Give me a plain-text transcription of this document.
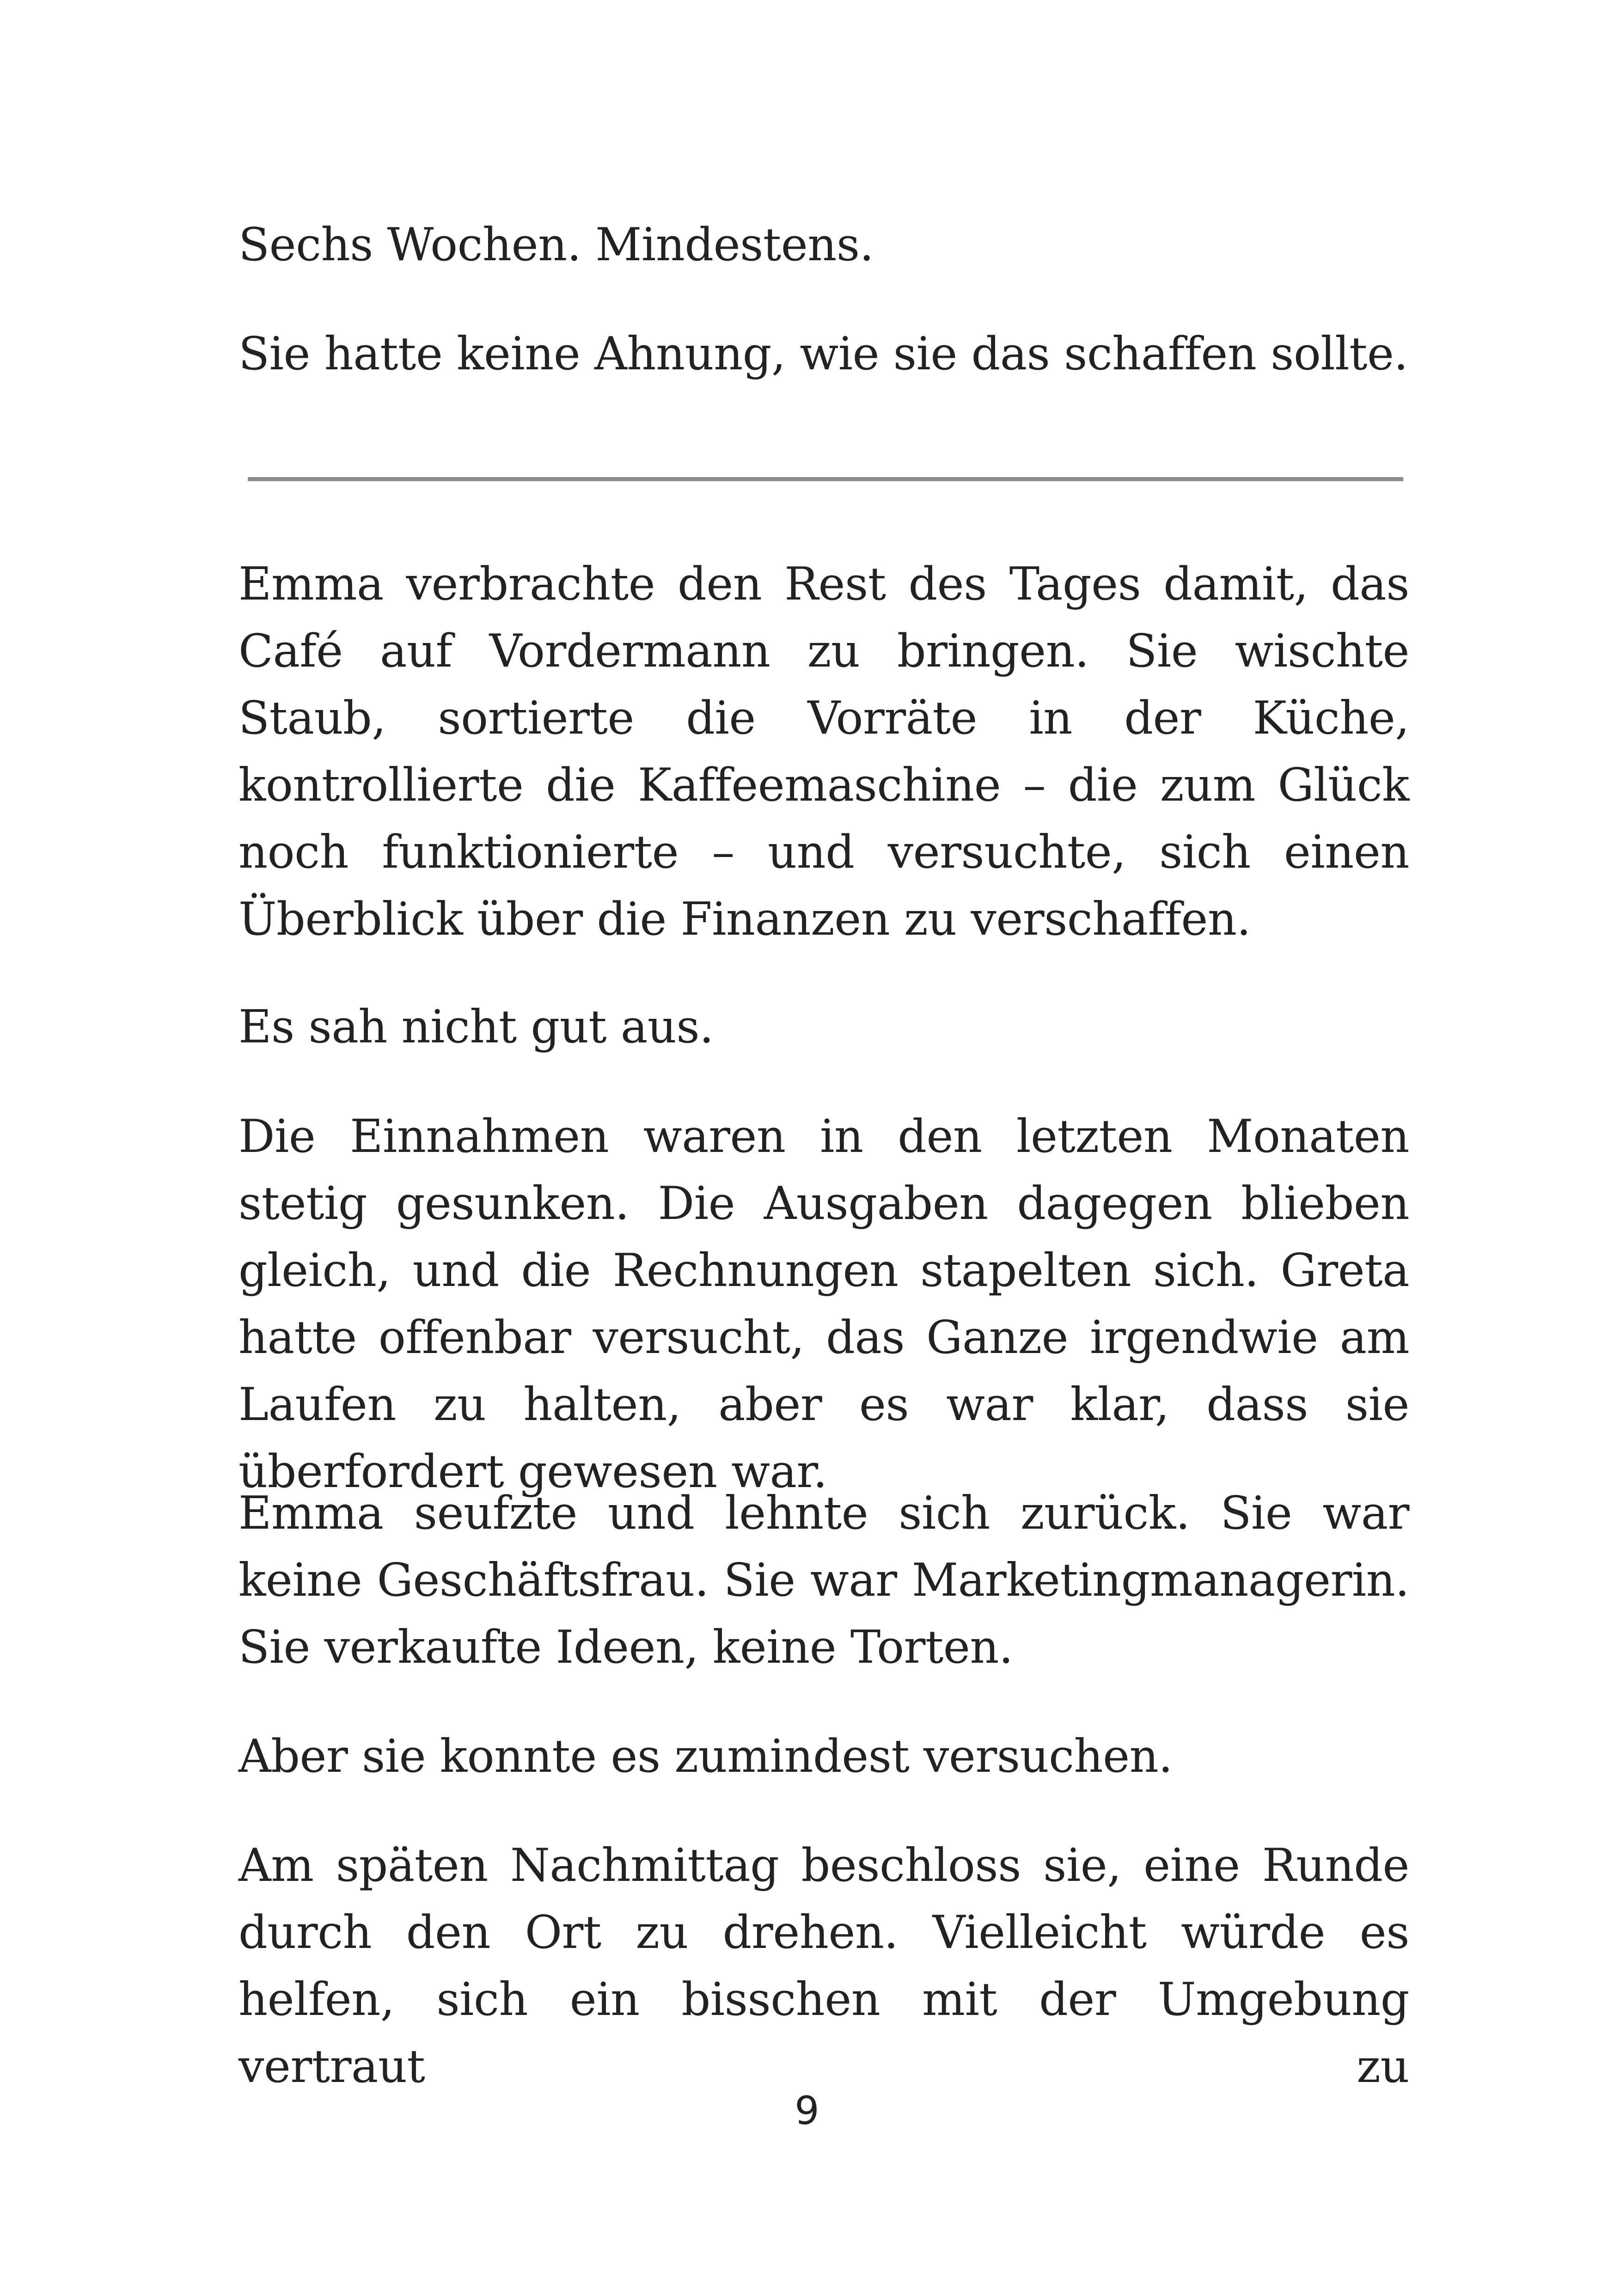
Sechs Wochen. Mindestens.

Sie hatte keine Ahnung, wie sie das schaffen sollte.

Emma verbrachte den Rest des Tages damit, das Café auf Vordermann zu bringen. Sie wischte Staub, sortierte die Vorräte in der Küche, kontrollierte die Kaffeemaschine – die zum Glück noch funktionierte – und versuchte, sich einen Überblick über die Finanzen zu verschaffen.

Es sah nicht gut aus.

Die Einnahmen waren in den letzten Monaten stetig gesunken. Die Ausgaben dagegen blieben gleich, und die Rechnungen stapelten sich. Greta hatte offenbar versucht, das Ganze irgendwie am Laufen zu halten, aber es war klar, dass sie überfordert gewesen war.

Emma seufzte und lehnte sich zurück. Sie war keine Geschäftsfrau. Sie war Marketingmanagerin. Sie verkaufte Ideen, keine Torten.

Aber sie konnte es zumindest versuchen.

Am späten Nachmittag beschloss sie, eine Runde durch den Ort zu drehen. Vielleicht würde es helfen, sich ein bisschen mit der Umgebung vertraut zu

9
